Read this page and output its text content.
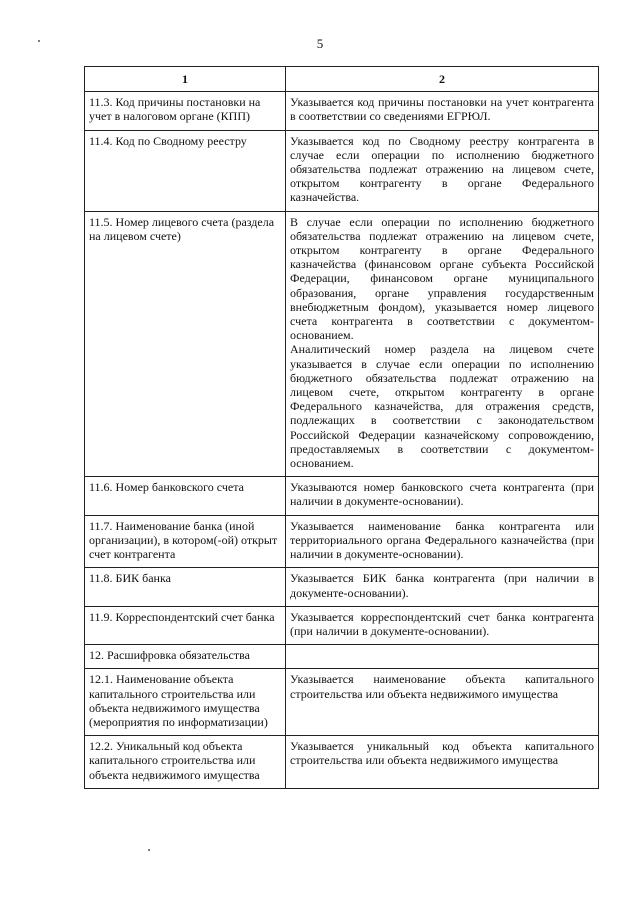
5
1	2
11.3. Код причины постановки на учет в налоговом органе (КПП)	Указывается код причины постановки на учет контрагента в соответствии со сведениями ЕГРЮЛ.

11.4. Код по Сводному реестру	Указывается код по Сводному реестру контрагента в случае если операции по исполнению бюджетного обязательства подлежат отражению на лицевом счете, открытом контрагенту в органе Федерального казначейства.

11.5. Номер лицевого счета (раздела на лицевом счете)	В случае если операции по исполнению бюджетного обязательства подлежат отражению на лицевом счете, открытом контрагенту в органе Федерального казначейства (финансовом органе субъекта Российской Федерации, финансовом органе муниципального образования, органе управления государственным внебюджетным фондом), указывается номер лицевого счета контрагента в соответствии с документом-основанием.
Аналитический номер раздела на лицевом счете указывается в случае если операции по исполнению бюджетного обязательства подлежат отражению на лицевом счете, открытом контрагенту в органе Федерального казначейства, для отражения средств, подлежащих в соответствии с законодательством Российской Федерации казначейскому сопровождению, предоставляемых в соответствии с документом-основанием.

11.6. Номер банковского счета	Указываются номер банковского счета контрагента (при наличии в документе-основании).

11.7. Наименование банка (иной организации), в котором(-ой) открыт счет контрагента	Указывается наименование банка контрагента или территориального органа Федерального казначейства (при наличии в документе-основании).

11.8. БИК банка	Указывается БИК банка контрагента (при наличии в документе-основании).

11.9. Корреспондентский счет банка	Указывается корреспондентский счет банка контрагента (при наличии в документе-основании).

12. Расшифровка обязательства	

12.1. Наименование объекта капитального строительства или объекта недвижимого имущества (мероприятия по информатизации)	Указывается наименование объекта капитального строительства или объекта недвижимого имущества

12.2. Уникальный код объекта капитального строительства или объекта недвижимого имущества	Указывается уникальный код объекта капитального строительства или объекта недвижимого имущества
